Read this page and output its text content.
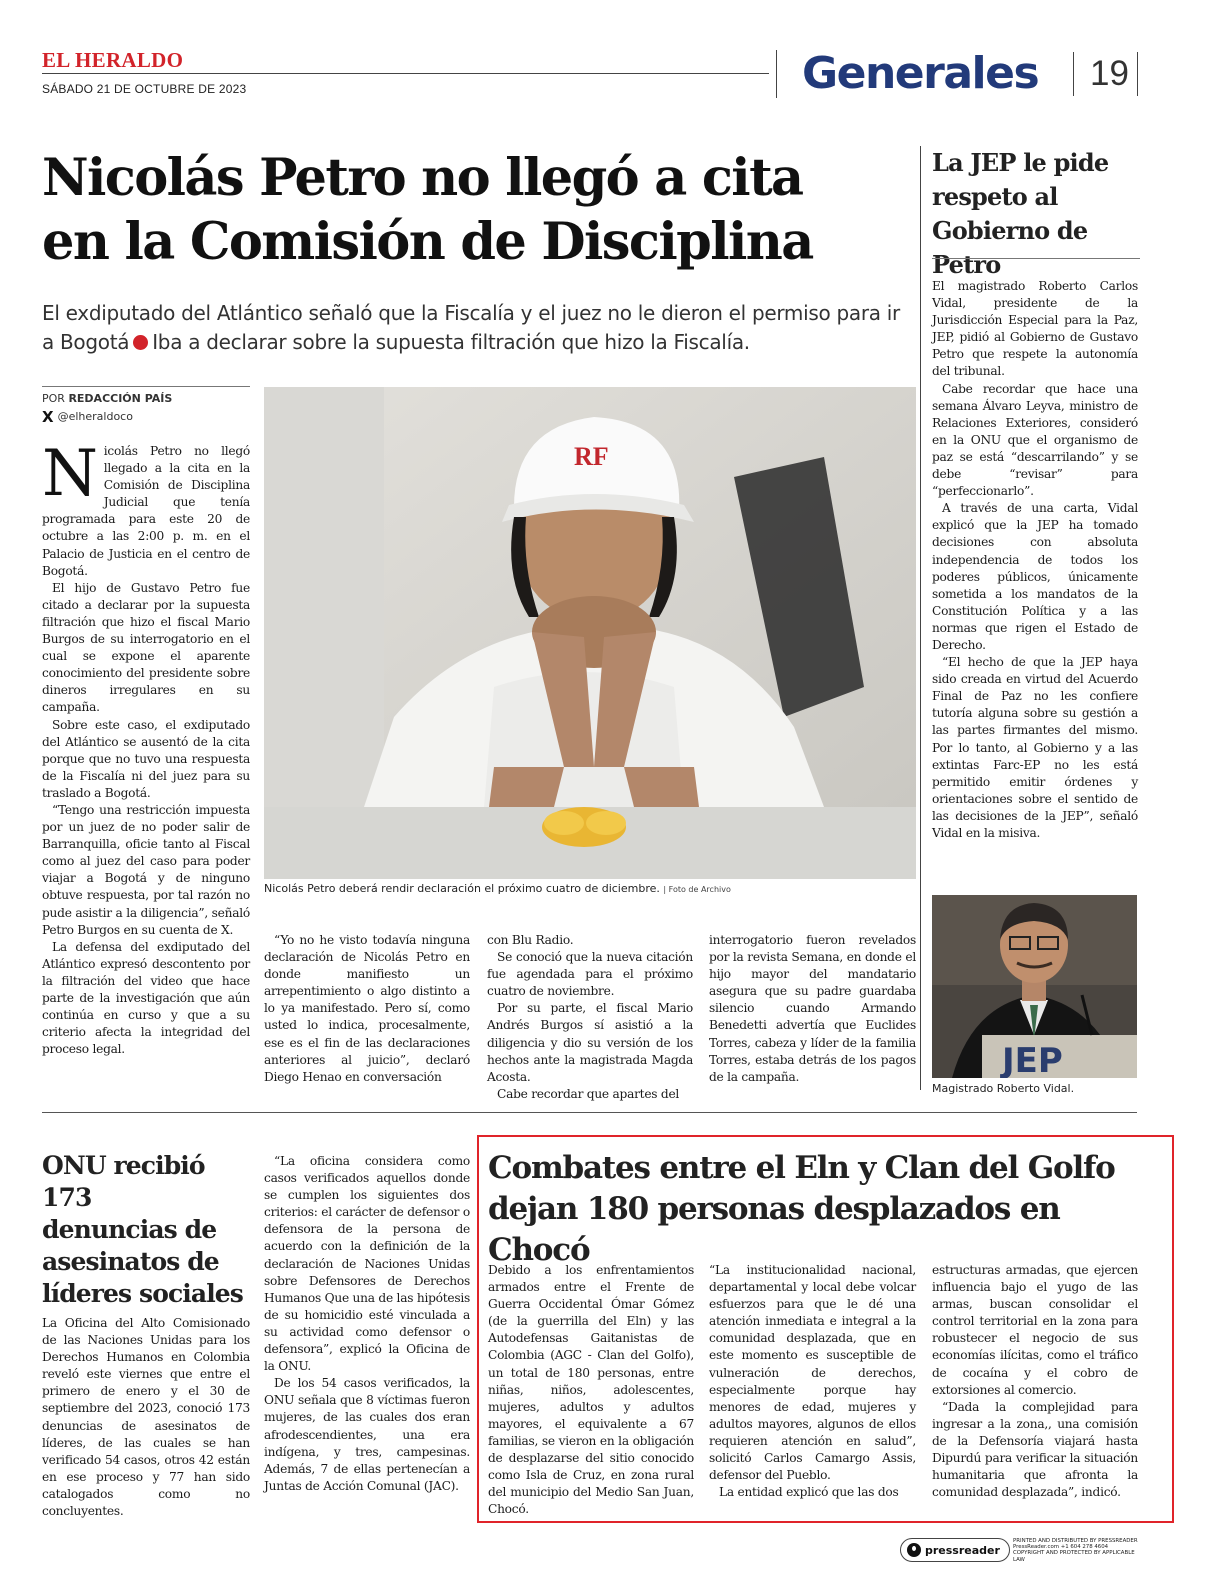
EL HERALDO
SÁBADO 21 DE OCTUBRE DE 2023	Generales 19
Nicolás Petro no llegó a cita
en la Comisión de Disciplina
El exdiputado del Atlántico señaló que la Fiscalía y el juez no le dieron el permiso para ir a Bogotá Iba a declarar sobre la supuesta filtración que hizo la Fiscalía.
POR REDACCIÓN PAÍS
X @elheraldoco

Nicolás Petro no llegó llegado a la cita en la Comisión de Disciplina Judicial que tenía programada para este 20 de octubre a las 2:00 p. m. en el Palacio de Justicia en el centro de Bogotá.

El hijo de Gustavo Petro fue citado a declarar por la supuesta filtración que hizo el fiscal Mario Burgos de su interrogatorio en el cual se expone el aparente conocimiento del presidente sobre dineros irregulares en su campaña.

Sobre este caso, el exdiputado del Atlántico se ausentó de la cita porque que no tuvo una respuesta de la Fiscalía ni del juez para su traslado a Bogotá.

“Tengo una restricción impuesta por un juez de no poder salir de Barranquilla, oficie tanto al Fiscal como al juez del caso para poder viajar a Bogotá y de ninguno obtuve respuesta, por tal razón no pude asistir a la diligencia”, señaló Petro Burgos en su cuenta de X.

La defensa del exdiputado del Atlántico expresó descontento por la filtración del video que hace parte de la investigación que aún continúa en curso y que a su criterio afecta la integridad del proceso legal.

RF
Nicolás Petro deberá rendir declaración el próximo cuatro de diciembre. | Foto de Archivo

“Yo no he visto todavía ninguna declaración de Nicolás Petro en donde manifiesto un arrepentimiento o algo distinto a lo ya manifestado. Pero sí, como usted lo indica, procesalmente, ese es el fin de las declaraciones anteriores al juicio”, declaró Diego Henao en conversación

con Blu Radio.

Se conoció que la nueva citación fue agendada para el próximo cuatro de noviembre.

Por su parte, el fiscal Mario Andrés Burgos sí asistió a la diligencia y dio su versión de los hechos ante la magistrada Magda Acosta.

Cabe recordar que apartes del

interrogatorio fueron revelados por la revista Semana, en donde el hijo mayor del mandatario asegura que su padre guardaba silencio cuando Armando Benedetti advertía que Euclides Torres, cabeza y líder de la familia Torres, estaba detrás de los pagos de la campaña.

La JEP le pide
respeto al
Gobierno de Petro

El magistrado Roberto Carlos Vidal, presidente de la Jurisdicción Especial para la Paz, JEP, pidió al Gobierno de Gustavo Petro que respete la autonomía del tribunal.

Cabe recordar que hace una semana Álvaro Leyva, ministro de Relaciones Exteriores, consideró en la ONU que el organismo de paz se está “descarrilando” y se debe “revisar” para “perfeccionarlo”.

A través de una carta, Vidal explicó que la JEP ha tomado decisiones con absoluta independencia de todos los poderes públicos, únicamente sometida a los mandatos de la Constitución Política y a las normas que rigen el Estado de Derecho.

“El hecho de que la JEP haya sido creada en virtud del Acuerdo Final de Paz no les confiere tutoría alguna sobre su gestión a las partes firmantes del mismo. Por lo tanto, al Gobierno y a las extintas Farc-EP no les está permitido emitir órdenes y orientaciones sobre el sentido de las decisiones de la JEP”, señaló Vidal en la misiva.

JEP
Magistrado Roberto Vidal.
ONU recibió 173
denuncias de
asesinatos de
líderes sociales

La Oficina del Alto Comisionado de las Naciones Unidas para los Derechos Humanos en Colombia reveló este viernes que entre el primero de enero y el 30 de septiembre del 2023, conoció 173 denuncias de asesinatos de líderes, de las cuales se han verificado 54 casos, otros 42 están en ese proceso y 77 han sido catalogados como no concluyentes.

“La oficina considera como casos verificados aquellos donde se cumplen los siguientes dos criterios: el carácter de defensor o defensora de la persona de acuerdo con la definición de la declaración de Naciones Unidas sobre Defensores de Derechos Humanos Que una de las hipótesis de su homicidio esté vinculada a su actividad como defensor o defensora”, explicó la Oficina de la ONU.

De los 54 casos verificados, la ONU señala que 8 víctimas fueron mujeres, de las cuales dos eran afrodescendientes, una era indígena, y tres, campesinas. Además, 7 de ellas pertenecían a Juntas de Acción Comunal (JAC).

Combates entre el Eln y Clan del Golfo
dejan 180 personas desplazados en Chocó

Debido a los enfrentamientos armados entre el Frente de Guerra Occidental Ómar Gómez (de la guerrilla del Eln) y las Autodefensas Gaitanistas de Colombia (AGC - Clan del Golfo), un total de 180 personas, entre niñas, niños, adolescentes, mujeres, adultos y adultos mayores, el equivalente a 67 familias, se vieron en la obligación de desplazarse del sitio conocido como Isla de Cruz, en zona rural del municipio del Medio San Juan, Chocó.

“La institucionalidad nacional, departamental y local debe volcar esfuerzos para que le dé una atención inmediata e integral a la comunidad desplazada, que en este momento es susceptible de vulneración de derechos, especialmente porque hay menores de edad, mujeres y adultos mayores, algunos de ellos requieren atención en salud”, solicitó Carlos Camargo Assis, defensor del Pueblo.

La entidad explicó que las dos

estructuras armadas, que ejercen influencia bajo el yugo de las armas, buscan consolidar el control territorial en la zona para robustecer el negocio de sus economías ilícitas, como el tráfico de cocaína y el cobro de extorsiones al comercio.

“Dada la complejidad para ingresar a la zona,, una comisión de la Defensoría viajará hasta Dipurdú para verificar la situación humanitaria que afronta la comunidad desplazada”, indicó.

pressreader
PRINTED AND DISTRIBUTED BY PRESSREADER
PressReader.com +1 604 278 4604
COPYRIGHT AND PROTECTED BY APPLICABLE LAW
